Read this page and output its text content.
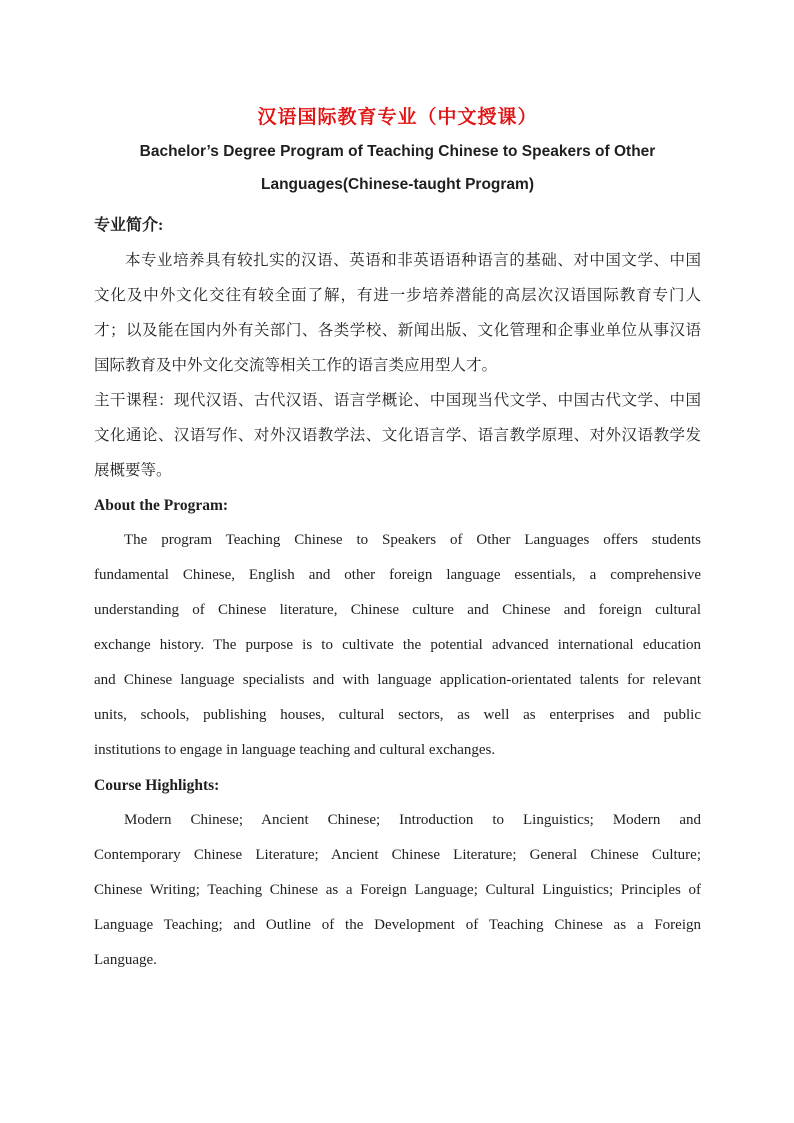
汉语国际教育专业（中文授课）
Bachelor’s Degree Program of Teaching Chinese to Speakers of Other
Languages(Chinese-taught Program)
专业简介:
本专业培养具有较扎实的汉语、英语和非英语语种语言的基础、对中国文学、中国
文化及中外文化交往有较全面了解，有进一步培养潜能的高层次汉语国际教育专门人
才；以及能在国内外有关部门、各类学校、新闻出版、文化管理和企事业单位从事汉语
国际教育及中外文化交流等相关工作的语言类应用型人才。
主干课程：现代汉语、古代汉语、语言学概论、中国现当代文学、中国古代文学、中国
文化通论、汉语写作、对外汉语教学法、文化语言学、语言教学原理、对外汉语教学发
展概要等。
About the Program:
The program Teaching Chinese to Speakers of Other Languages offers students
fundamental Chinese, English and other foreign language essentials, a comprehensive
understanding of Chinese literature, Chinese culture and Chinese and foreign cultural
exchange history. The purpose is to cultivate the potential advanced international education
and Chinese language specialists and with language application-orientated talents for relevant
units, schools, publishing houses, cultural sectors, as well as enterprises and public
institutions to engage in language teaching and cultural exchanges.
Course Highlights:
Modern Chinese; Ancient Chinese; Introduction to Linguistics; Modern and
Contemporary Chinese Literature; Ancient Chinese Literature; General Chinese Culture;
Chinese Writing; Teaching Chinese as a Foreign Language; Cultural Linguistics; Principles of
Language Teaching; and Outline of the Development of Teaching Chinese as a Foreign
Language.
